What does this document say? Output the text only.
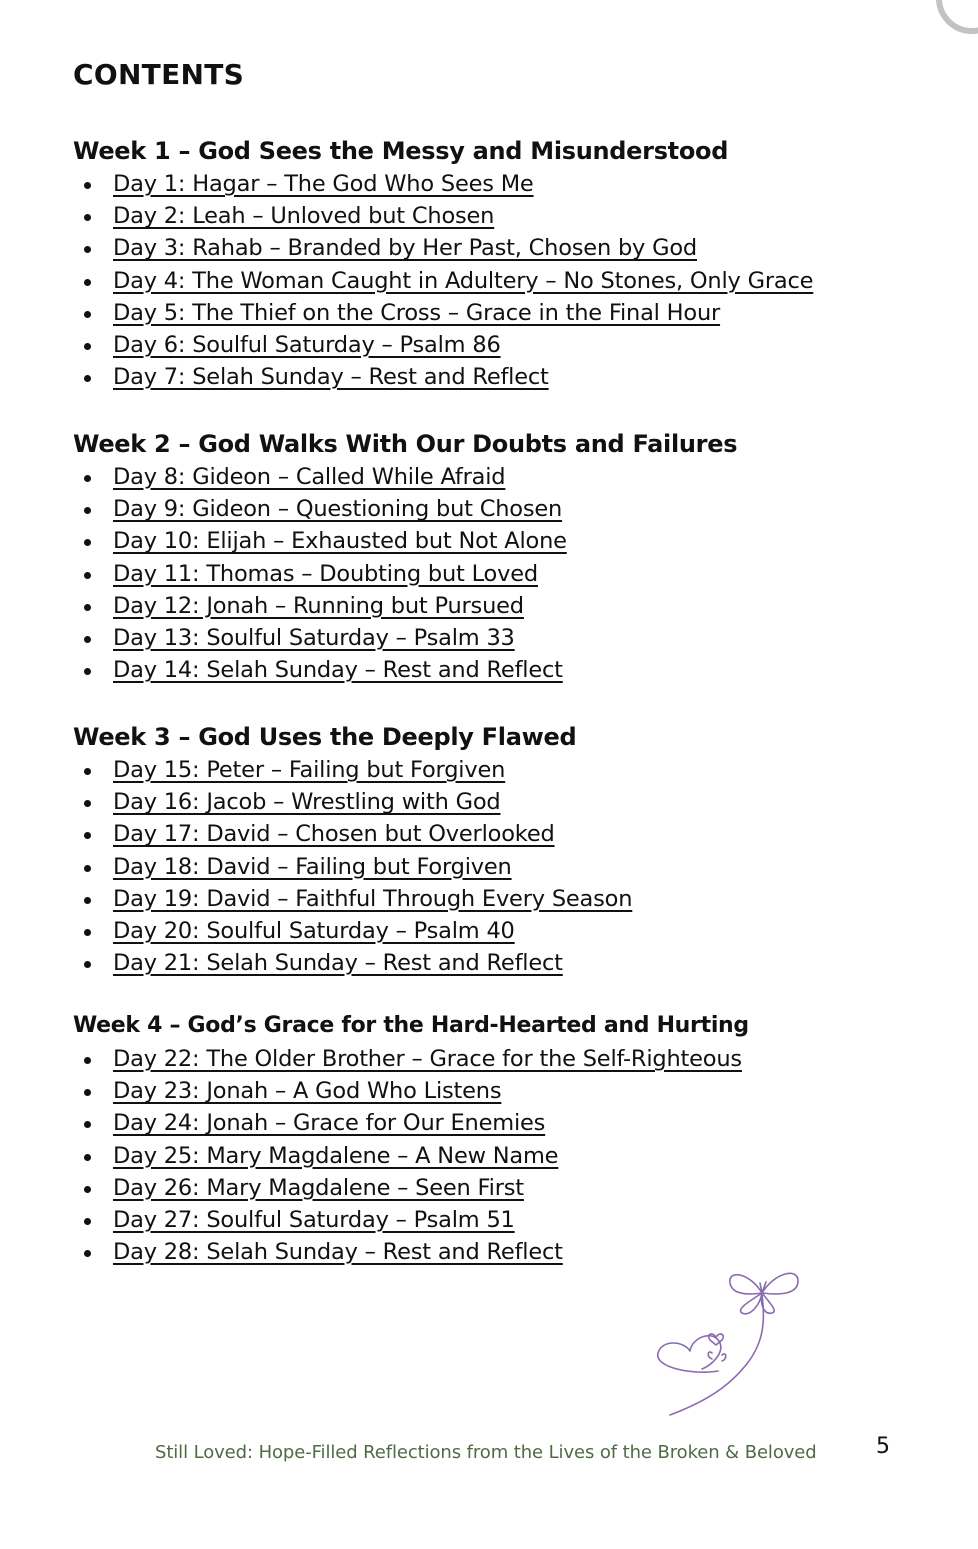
CONTENTS
Week 1 – God Sees the Messy and Misunderstood
Day 1: Hagar – The God Who Sees Me
Day 2: Leah – Unloved but Chosen
Day 3: Rahab – Branded by Her Past, Chosen by God
Day 4: The Woman Caught in Adultery – No Stones, Only Grace
Day 5: The Thief on the Cross – Grace in the Final Hour
Day 6: Soulful Saturday – Psalm 86
Day 7: Selah Sunday – Rest and Reflect
Week 2 – God Walks With Our Doubts and Failures
Day 8: Gideon – Called While Afraid
Day 9: Gideon – Questioning but Chosen
Day 10: Elijah – Exhausted but Not Alone
Day 11: Thomas – Doubting but Loved
Day 12: Jonah – Running but Pursued
Day 13: Soulful Saturday – Psalm 33
Day 14: Selah Sunday – Rest and Reflect
Week 3 – God Uses the Deeply Flawed
Day 15: Peter – Failing but Forgiven
Day 16: Jacob – Wrestling with God
Day 17: David – Chosen but Overlooked
Day 18: David – Failing but Forgiven
Day 19: David – Faithful Through Every Season
Day 20: Soulful Saturday – Psalm 40
Day 21: Selah Sunday – Rest and Reflect
Week 4 – God’s Grace for the Hard-Hearted and Hurting
Day 22: The Older Brother – Grace for the Self-Righteous
Day 23: Jonah – A God Who Listens
Day 24: Jonah – Grace for Our Enemies
Day 25: Mary Magdalene – A New Name
Day 26: Mary Magdalene – Seen First
Day 27: Soulful Saturday – Psalm 51
Day 28: Selah Sunday – Rest and Reflect
Still Loved: Hope-Filled Reflections from the Lives of the Broken & Beloved	5
